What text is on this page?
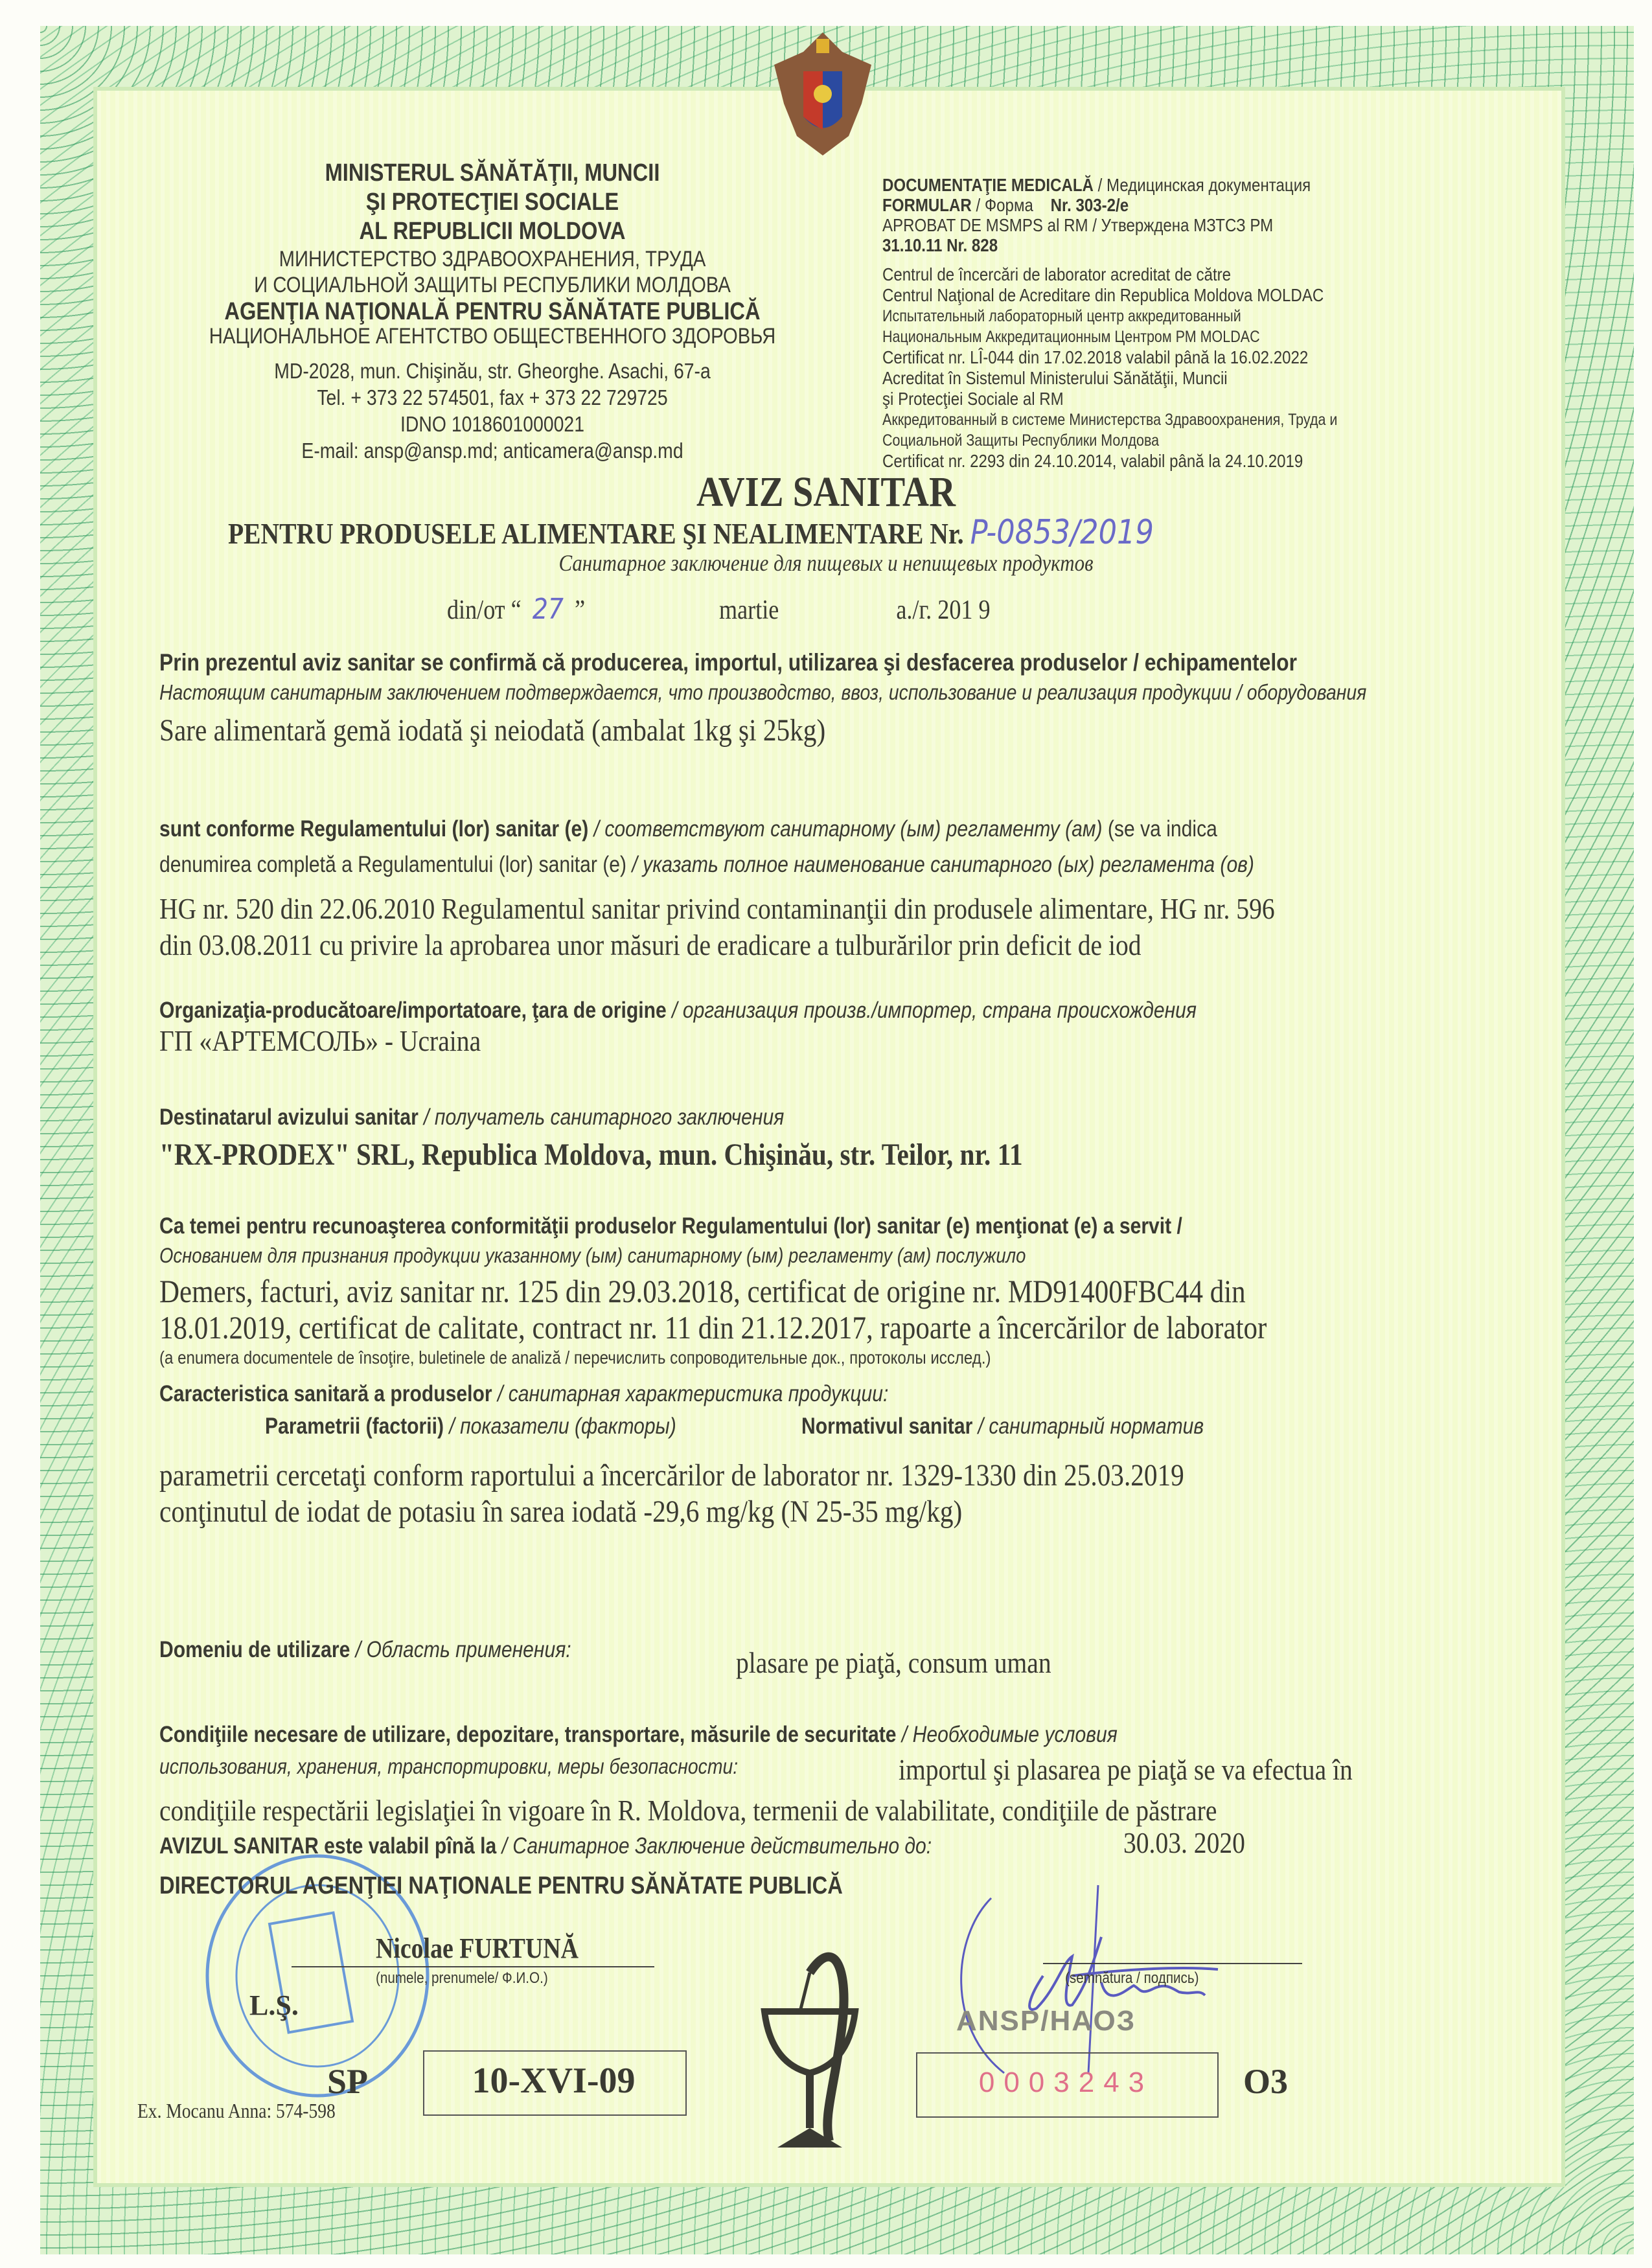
MINISTERUL SĂNĂTĂŢII, MUNCII
ŞI PROTECŢIEI SOCIALE
AL REPUBLICII MOLDOVA
МИНИСТЕРСТВО ЗДРАВООХРАНЕНИЯ, ТРУДА
И СОЦИАЛЬНОЙ ЗАЩИТЫ РЕСПУБЛИКИ МОЛДОВА
AGENŢIA NAŢIONALĂ PENTRU SĂNĂTATE PUBLICĂ
НАЦИОНАЛЬНОЕ АГЕНТСТВО ОБЩЕСТВЕННОГО ЗДОРОВЬЯ
MD-2028, mun. Chişinău, str. Gheorghe. Asachi, 67-a
Tel. + 373 22 574501, fax + 373 22 729725
IDNO 1018601000021
E-mail: ansp@ansp.md; anticamera@ansp.md
DOCUMENTAŢIE MEDICALĂ / Медицинская документация
FORMULAR / Форма Nr. 303-2/e
APROBAT DE MSMPS al RM / Утверждена МЗТСЗ РМ
31.10.11 Nr. 828
Centrul de încercări de laborator acreditat de către
Centrul Naţional de Acreditare din Republica Moldova MOLDAC
Испытательный лабораторный центр аккредитованный
Национальным Аккредитационным Центром РМ MOLDAC
Certificat nr. LÎ-044 din 17.02.2018 valabil până la 16.02.2022
Acreditat în Sistemul Ministerului Sănătăţii, Muncii
şi Protecţiei Sociale al RM
Аккредитованный в системе Министерства Здравоохранения, Труда и
Социальной Защиты Республики Молдова
Certificat nr. 2293 din 24.10.2014, valabil până la 24.10.2019
AVIZ SANITAR
PENTRU PRODUSELE ALIMENTARE ŞI NEALIMENTARE Nr. P-0853/2019
Санитарное заключение для пищевых и непищевых продуктов
din/от “ 27 ”	martie	a./г. 201 9
Prin prezentul aviz sanitar se confirmă că producerea, importul, utilizarea şi desfacerea produselor / echipamentelor
Настоящим санитарным заключением подтверждается, что производство, ввоз, использование и реализация продукции / оборудования
Sare alimentară gemă iodată şi neiodată (ambalat 1kg şi 25kg)
sunt conforme Regulamentului (lor) sanitar (e) / соответствуют санитарному (ым) регламенту (ам) (se va indica
denumirea completă a Regulamentului (lor) sanitar (e) / указать полное наименование санитарного (ых) регламента (ов)
HG nr. 520 din 22.06.2010 Regulamentul sanitar privind contaminanţii din produsele alimentare, HG nr. 596
din 03.08.2011 cu privire la aprobarea unor măsuri de eradicare a tulburărilor prin deficit de iod
Organizaţia-producătoare/importatoare, ţara de origine / организация произв./импортер, страна происхождения
ГП «АРТЕМСОЛЬ» - Ucraina
Destinatarul avizului sanitar / получатель санитарного заключения
"RX-PRODEX" SRL, Republica Moldova, mun. Chişinău, str. Teilor, nr. 11
Ca temei pentru recunoaşterea conformităţii produselor Regulamentului (lor) sanitar (e) menţionat (e) a servit /
Основанием для признания продукции указанному (ым) санитарному (ым) регламенту (ам) послужило
Demers, facturi, aviz sanitar nr. 125 din 29.03.2018, certificat de origine nr. MD91400FBC44 din
18.01.2019, certificat de calitate, contract nr. 11 din 21.12.2017, rapoarte a încercărilor de laborator
(a enumera documentele de însoţire, buletinele de analiză / перечислить сопроводительные док., протоколы исслед.)
Caracteristica sanitară a produselor / санитарная характеристика продукции:
Parametrii (factorii) / показатели (факторы)	Normativul sanitar / санитарный норматив
parametrii cercetaţi conform raportului a încercărilor de laborator nr. 1329-1330 din 25.03.2019
conţinutul de iodat de potasiu în sarea iodată -29,6 mg/kg (N 25-35 mg/kg)
Domeniu de utilizare / Область применения:	plasare pe piaţă, consum uman
Condiţiile necesare de utilizare, depozitare, transportare, măsurile de securitate / Необходимые условия
использования, хранения, транспортировки, меры безопасности:	importul şi plasarea pe piaţă se va efectua în
condiţiile respectării legislaţiei în vigoare în R. Moldova, termenii de valabilitate, condiţiile de păstrare
AVIZUL SANITAR este valabil pînă la / Санитарное Заключение действительно до:	30.03. 2020
DIRECTORUL AGENŢIEI NAŢIONALE PENTRU SĂNĂTATE PUBLICĂ
Nicolae FURTUNĂ
(numele, prenumele/ Ф.И.О.)
L.Ş.
(semnătura / подпись)
ANSP/НАОЗ
SP	10-XVI-09	0003243	O3
Ex. Mocanu Anna: 574-598
